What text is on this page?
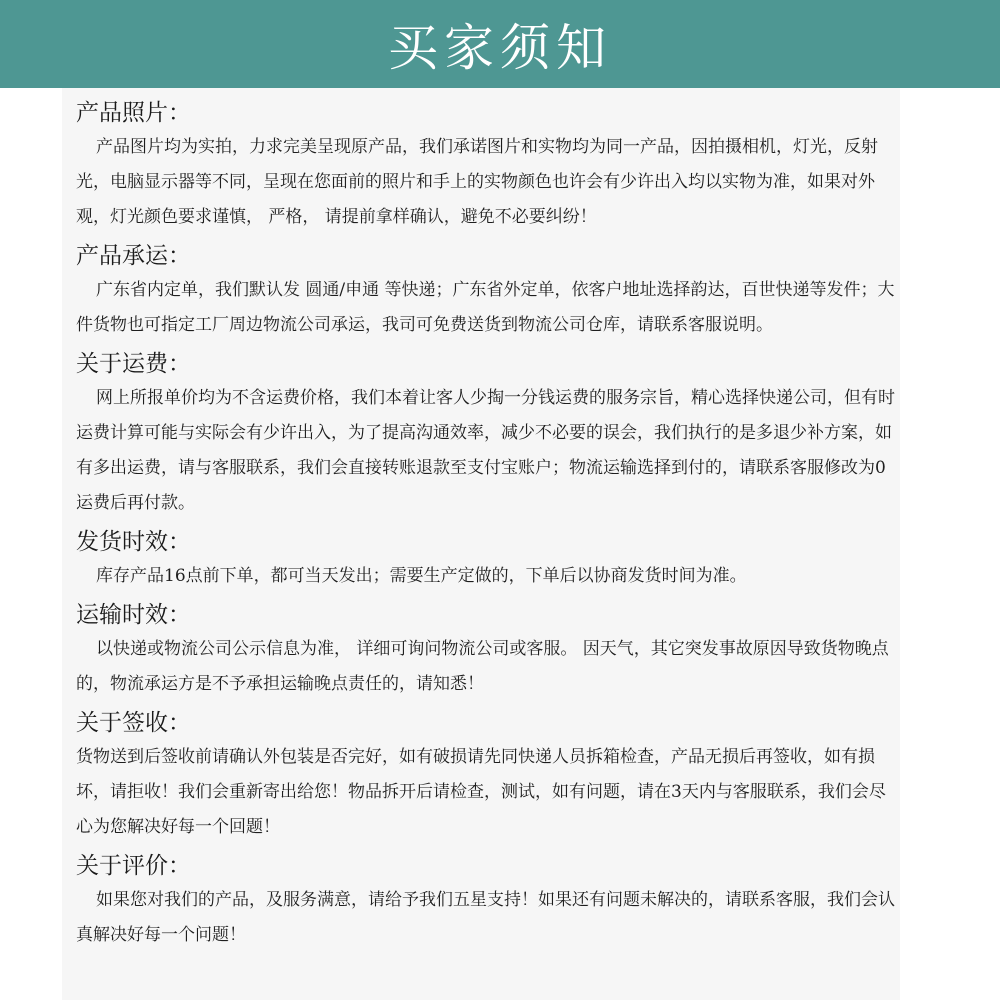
买家须知
产品照片：

产品图片均为实拍，力求完美呈现原产品，我们承诺图片和实物均为同一产品，因拍摄相机，灯光，反射光，电脑显示器等不同，呈现在您面前的照片和手上的实物颜色也许会有少许出入均以实物为准，如果对外观，灯光颜色要求谨慎， 严格， 请提前拿样确认，避免不必要纠纷！

产品承运：

广东省内定单，我们默认发 圆通/申通 等快递；广东省外定单，依客户地址选择韵达，百世快递等发件；大件货物也可指定工厂周边物流公司承运，我司可免费送货到物流公司仓库，请联系客服说明。

关于运费：

网上所报单价均为不含运费价格，我们本着让客人少掏一分钱运费的服务宗旨，精心选择快递公司，但有时运费计算可能与实际会有少许出入，为了提高沟通效率，减少不必要的误会，我们执行的是多退少补方案，如有多出运费，请与客服联系，我们会直接转账退款至支付宝账户；物流运输选择到付的，请联系客服修改为0运费后再付款。

发货时效：

库存产品16点前下单，都可当天发出；需要生产定做的，下单后以协商发货时间为准。

运输时效：

以快递或物流公司公示信息为准， 详细可询问物流公司或客服。 因天气，其它突发事故原因导致货物晚点的，物流承运方是不予承担运输晚点责任的，请知悉！

关于签收：

货物送到后签收前请确认外包装是否完好，如有破损请先同快递人员拆箱检查，产品无损后再签收，如有损坏，请拒收！我们会重新寄出给您！物品拆开后请检查，测试，如有问题，请在3天内与客服联系，我们会尽心为您解决好每一个回题！

关于评价：

如果您对我们的产品，及服务满意，请给予我们五星支持！如果还有问题未解决的，请联系客服，我们会认真解决好每一个问题！
